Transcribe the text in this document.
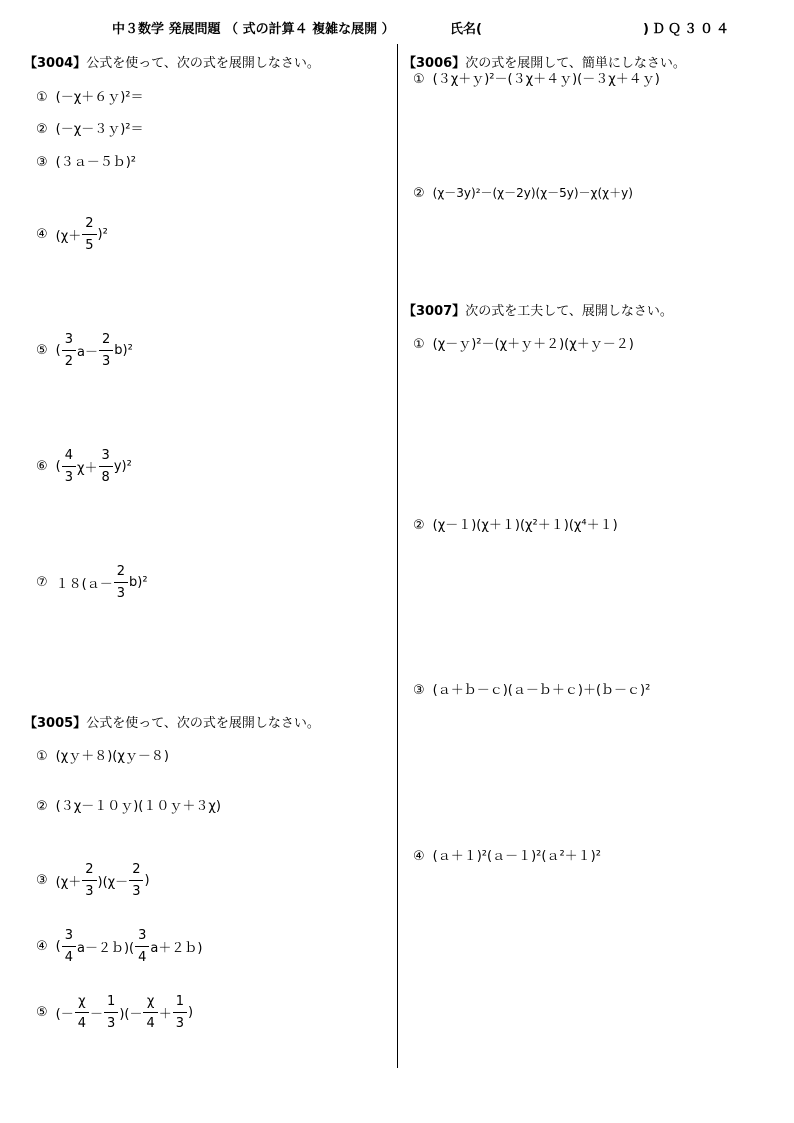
中３数学 発展問題 （ 式の計算４ 複雑な展開 ）	氏名(	)ＤＱ３０４
【3004】公式を使って、次の式を展開しなさい。
① (－χ＋６ｙ)²＝
② (－χ－３ｙ)²＝
③ (３ａ－５ｂ)²
④ $(\chi+ \frac{2}{5} )^2$
⑤ ( $\frac{3}{2} a- \frac{2}{3} b)^2$
⑥ ( $\frac{4}{3} \chi+ \frac{3}{8} y)^2$
⑦ １８(ａ－ $\frac{2}{3} b)^2$
【3005】公式を使って、次の式を展開しなさい。
① (χｙ＋８)(χｙ－８)
② (３χ－１０ｙ)(１０ｙ＋３χ)
③ $(\chi+ \frac{2}{3} )(\chi- \frac{2}{3}$ )
④ ( $\frac{3}{4}$ a－２ｂ)( $\frac{3}{4}$ a＋２ｂ)
⑤ (－ $\frac{\chi}{4} - \frac{1}{3}$ )(－ $\frac{\chi}{4} + \frac{1}{3}$ )
【3006】次の式を展開して、簡単にしなさい。
① (３χ＋ｙ)²－(３χ＋４ｙ)(－３χ＋４ｙ)
② (χ－3y)²－(χ－2y)(χ－5y)－χ(χ＋y)
【3007】次の式を工夫して、展開しなさい。
① (χ－ｙ)²－(χ＋ｙ＋２)(χ＋ｙ－２)
② (χ－１)(χ＋１)(χ²＋１)(χ⁴＋１)
③ (ａ＋ｂ－ｃ)(ａ－ｂ＋ｃ)＋(ｂ－ｃ)²
④ (ａ＋１)²(ａ－１)²(ａ²＋１)²
